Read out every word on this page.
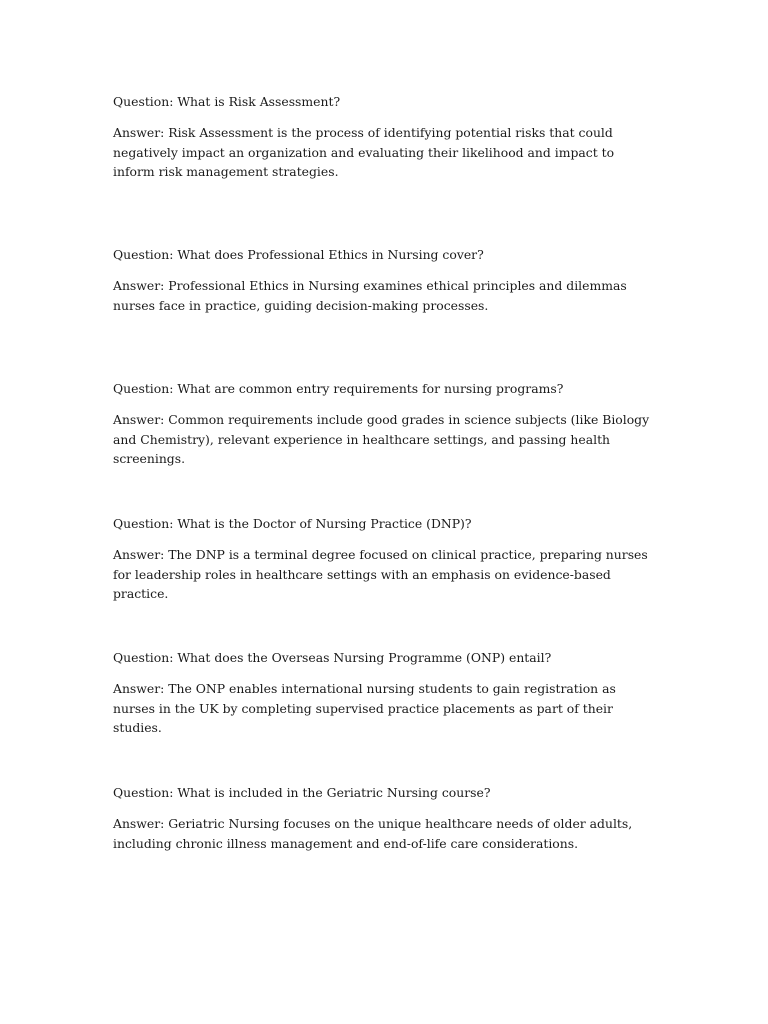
Question: What is Risk Assessment?

Answer: Risk Assessment is the process of identifying potential risks that could negatively impact an organization and evaluating their likelihood and impact to inform risk management strategies.

Question: What does Professional Ethics in Nursing cover?

Answer: Professional Ethics in Nursing examines ethical principles and dilemmas nurses face in practice, guiding decision-making processes.

Question: What are common entry requirements for nursing programs?

Answer: Common requirements include good grades in science subjects (like Biology and Chemistry), relevant experience in healthcare settings, and passing health screenings.

Question: What is the Doctor of Nursing Practice (DNP)?

Answer: The DNP is a terminal degree focused on clinical practice, preparing nurses for leadership roles in healthcare settings with an emphasis on evidence-based practice.

Question: What does the Overseas Nursing Programme (ONP) entail?

Answer: The ONP enables international nursing students to gain registration as nurses in the UK by completing supervised practice placements as part of their studies.

Question: What is included in the Geriatric Nursing course?

Answer: Geriatric Nursing focuses on the unique healthcare needs of older adults, including chronic illness management and end-of-life care considerations.
